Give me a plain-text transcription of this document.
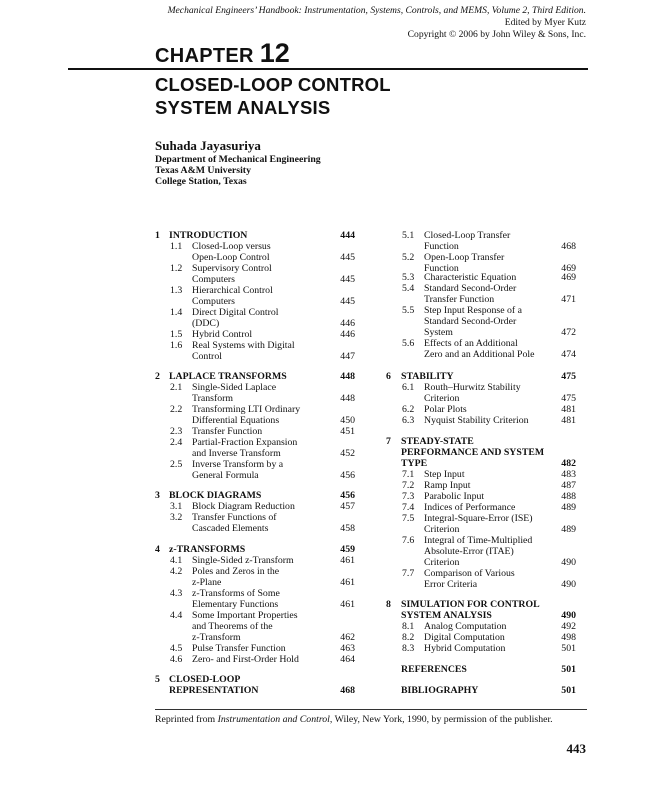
Mechanical Engineers’ Handbook: Instrumentation, Systems, Controls, and MEMS, Volume 2, Third Edition.
Edited by Myer Kutz
Copyright © 2006 by John Wiley & Sons, Inc.
CHAPTER 12
CLOSED-LOOP CONTROL
SYSTEM ANALYSIS
Suhada Jayasuriya
Department of Mechanical Engineering
Texas A&M University
College Station, Texas
1 INTRODUCTION	444
1.1 Closed-Loop versus
Open-Loop Control	445
1.2 Supervisory Control
Computers	445
1.3 Hierarchical Control
Computers	445
1.4 Direct Digital Control
(DDC)	446
1.5 Hybrid Control	446
1.6 Real Systems with Digital
Control	447
2 LAPLACE TRANSFORMS	448
2.1 Single-Sided Laplace
Transform	448
2.2 Transforming LTI Ordinary
Differential Equations	450
2.3 Transfer Function	451
2.4 Partial-Fraction Expansion
and Inverse Transform	452
2.5 Inverse Transform by a
General Formula	456
3 BLOCK DIAGRAMS	456
3.1 Block Diagram Reduction	457
3.2 Transfer Functions of
Cascaded Elements	458
4 z-TRANSFORMS	459
4.1 Single-Sided z-Transform	461
4.2 Poles and Zeros in the
z-Plane	461
4.3 z-Transforms of Some
Elementary Functions	461
4.4 Some Important Properties
and Theorems of the
z-Transform	462
4.5 Pulse Transfer Function	463
4.6 Zero- and First-Order Hold	464
5 CLOSED-LOOP
REPRESENTATION	468
5.1 Closed-Loop Transfer
Function	468
5.2 Open-Loop Transfer
Function	469
5.3 Characteristic Equation	469
5.4 Standard Second-Order
Transfer Function	471
5.5 Step Input Response of a
Standard Second-Order
System	472
5.6 Effects of an Additional
Zero and an Additional Pole	474
6 STABILITY	475
6.1 Routh–Hurwitz Stability
Criterion	475
6.2 Polar Plots	481
6.3 Nyquist Stability Criterion	481
7 STEADY-STATE
PERFORMANCE AND SYSTEM
TYPE	482
7.1 Step Input	483
7.2 Ramp Input	487
7.3 Parabolic Input	488
7.4 Indices of Performance	489
7.5 Integral-Square-Error (ISE)
Criterion	489
7.6 Integral of Time-Multiplied
Absolute-Error (ITAE)
Criterion	490
7.7 Comparison of Various
Error Criteria	490
8 SIMULATION FOR CONTROL
SYSTEM ANALYSIS	490
8.1 Analog Computation	492
8.2 Digital Computation	498
8.3 Hybrid Computation	501
REFERENCES	501
BIBLIOGRAPHY	501
Reprinted from Instrumentation and Control, Wiley, New York, 1990, by permission of the publisher.
443
